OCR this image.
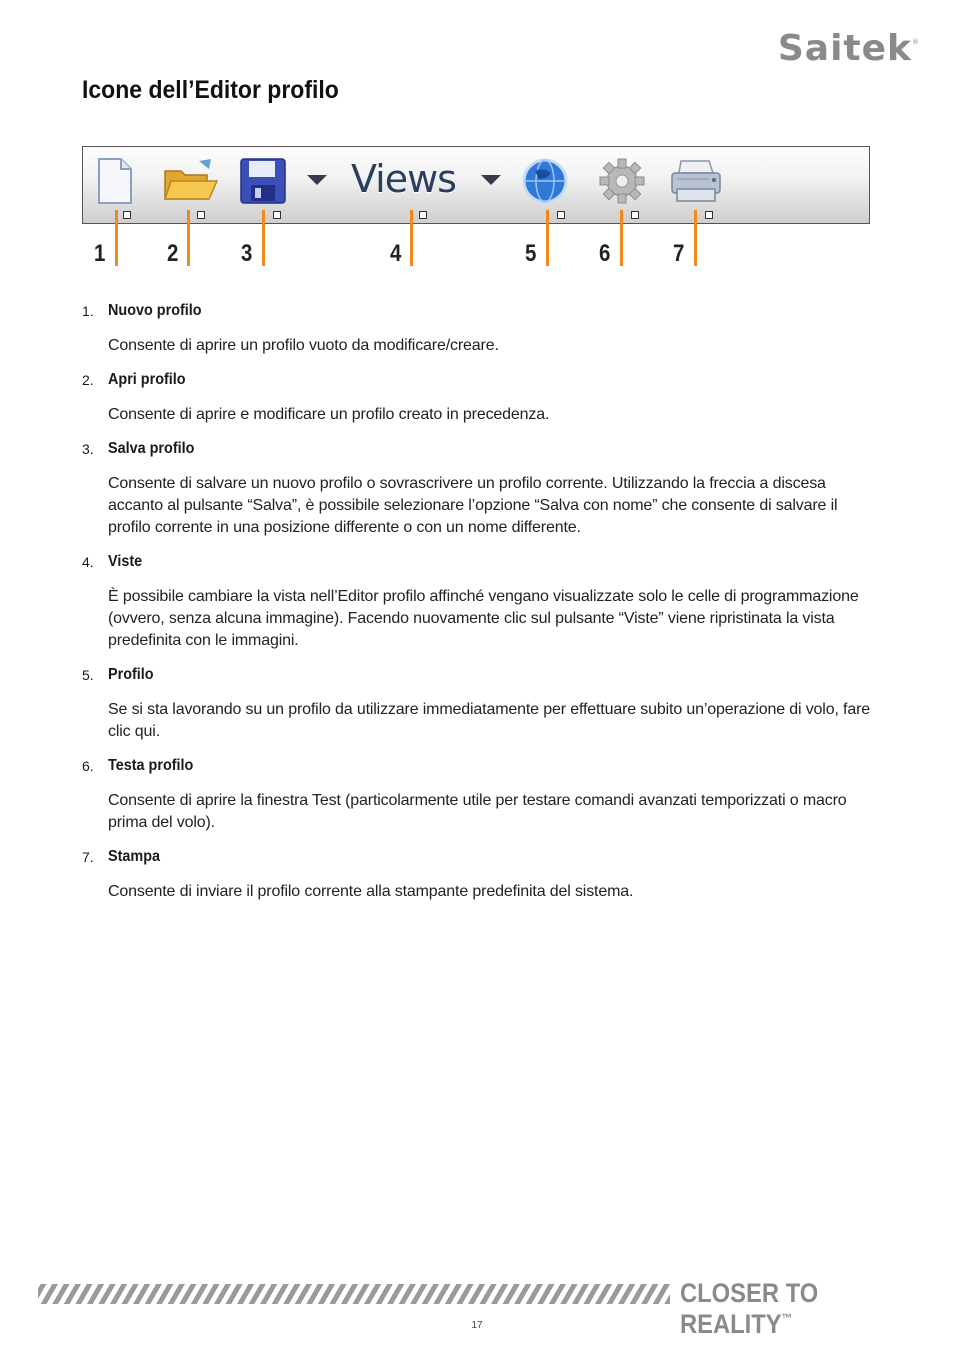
Saitek®
Icone dell’Editor profilo
Views
1	2	3	4	5	6	7
1. Nuovo profilo
Consente di aprire un profilo vuoto da modificare/creare.
2. Apri profilo
Consente di aprire e modificare un profilo creato in precedenza.
3. Salva profilo
Consente di salvare un nuovo profilo o sovrascrivere un profilo corrente. Utilizzando la freccia a discesa accanto al pulsante “Salva”, è possibile selezionare l’opzione “Salva con nome” che consente di salvare il profilo corrente in una posizione differente o con un nome differente.
4. Viste
È possibile cambiare la vista nell’Editor profilo affinché vengano visualizzate solo le celle di programmazione (ovvero, senza alcuna immagine). Facendo nuovamente clic sul pulsante “Viste” viene ripristinata la vista predefinita con le immagini.
5. Profilo
Se si sta lavorando su un profilo da utilizzare immediatamente per effettuare subito un’operazione di volo, fare clic qui.
6. Testa profilo
Consente di aprire la finestra Test (particolarmente utile per testare comandi avanzati temporizzati o macro prima del volo).
7. Stampa
Consente di inviare il profilo corrente alla stampante predefinita del sistema.
CLOSER TO REALITY™
17
